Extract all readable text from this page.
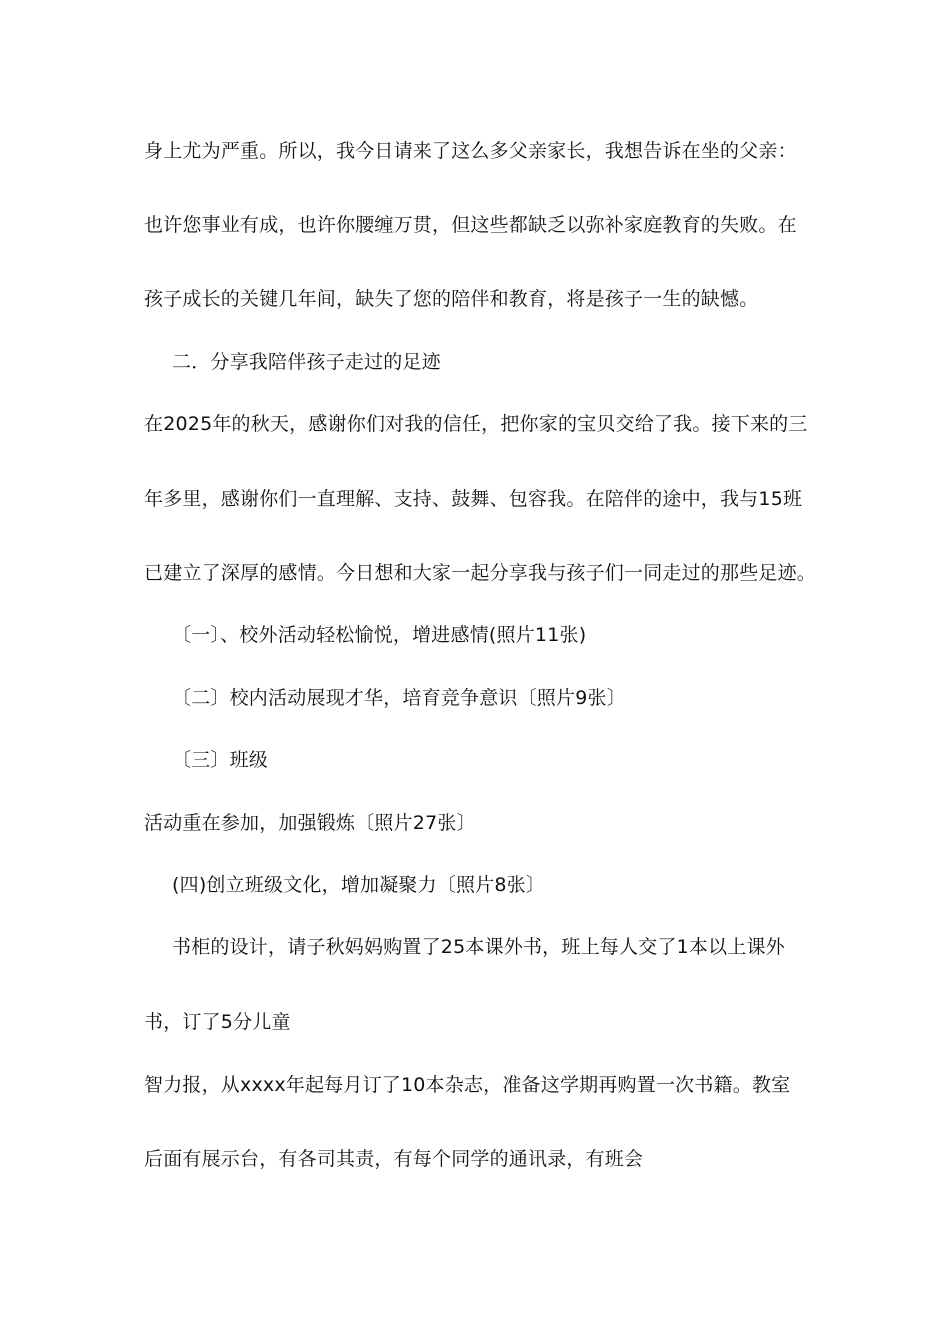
身上尤为严重。所以，我今日请来了这么多父亲家长，我想告诉在坐的父亲：
也许您事业有成，也许你腰缠万贯，但这些都缺乏以弥补家庭教育的失败。在
孩子成长的关键几年间，缺失了您的陪伴和教育，将是孩子一生的缺憾。
二．分享我陪伴孩子走过的足迹
在2025年的秋天，感谢你们对我的信任，把你家的宝贝交给了我。接下来的三
年多里，感谢你们一直理解、支持、鼓舞、包容我。在陪伴的途中，我与15班
已建立了深厚的感情。今日想和大家一起分享我与孩子们一同走过的那些足迹。
〔一〕、校外活动轻松愉悦，增进感情(照片11张)
〔二〕校内活动展现才华，培育竞争意识〔照片9张〕
〔三〕班级
活动重在参加，加强锻炼〔照片27张〕
(四)创立班级文化，增加凝聚力〔照片8张〕
书柜的设计，请子秋妈妈购置了25本课外书，班上每人交了1本以上课外
书，订了5分儿童
智力报，从xxxx年起每月订了10本杂志，准备这学期再购置一次书籍。教室
后面有展示台，有各司其责，有每个同学的通讯录，有班会
